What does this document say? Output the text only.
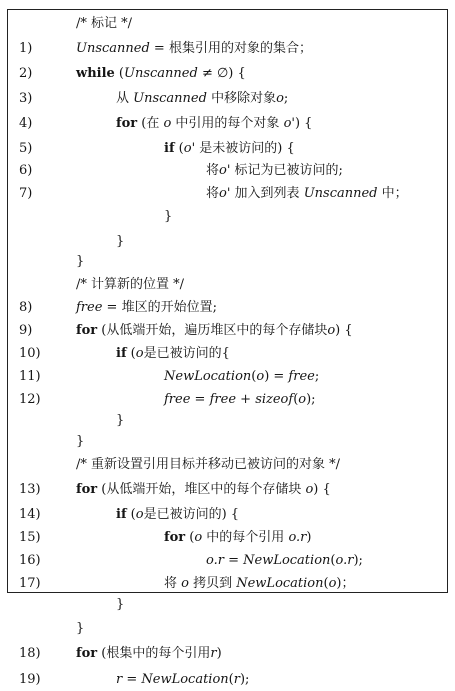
/* 标记 */
1)	Unscanned = 根集引用的对象的集合；
2)	while (Unscanned ≠ ∅) {
3)	从 Unscanned 中移除对象o;
4)	for (在 o 中引用的每个对象 o') {
5)	if (o' 是未被访问的) {
6)	将o' 标记为已被访问的;
7)	将o' 加入到列表 Unscanned 中；
}
}
}
/* 计算新的位置 */
8)	free = 堆区的开始位置;
9)	for (从低端开始，遍历堆区中的每个存储块o) {
10)	if (o是已被访问的{
11)	NewLocation(o) = free;
12)	free = free + sizeof(o);
}
}
/* 重新设置引用目标并移动已被访问的对象 */
13)	for (从低端开始，堆区中的每个存储块 o) {
14)	if (o是已被访问的) {
15)	for (o 中的每个引用 o.r)
16)	o.r = NewLocation(o.r);
17)	将 o 拷贝到 NewLocation(o)；
}
}
18)	for (根集中的每个引用r)
19)	r = NewLocation(r);
